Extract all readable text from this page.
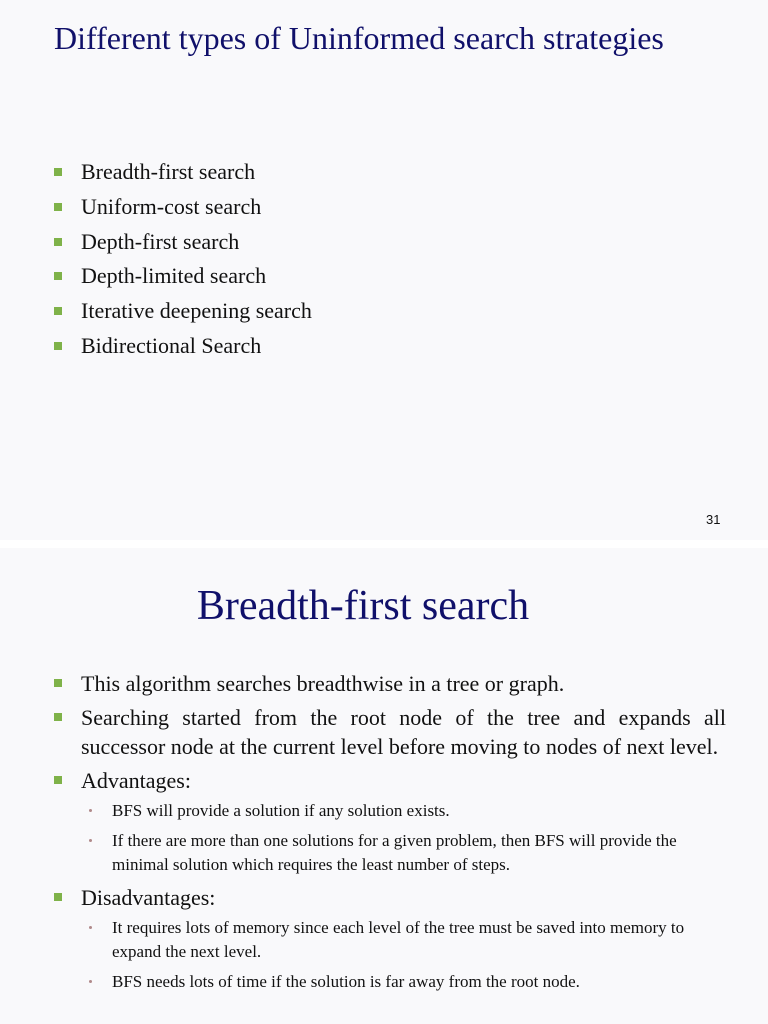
Different types of Uninformed search strategies
Breadth-first search
Uniform-cost search
Depth-first search
Depth-limited search
Iterative deepening search
Bidirectional Search
31
Breadth-first search
This algorithm searches breadthwise in a tree or graph.
Searching started from the root node of the tree and expands all successor node at the current level before moving to nodes of next level.
Advantages:
BFS will provide a solution if any solution exists.
If there are more than one solutions for a given problem, then BFS will provide the minimal solution which requires the least number of steps.
Disadvantages:
It requires lots of memory since each level of the tree must be saved into memory to expand the next level.
BFS needs lots of time if the solution is far away from the root node.
